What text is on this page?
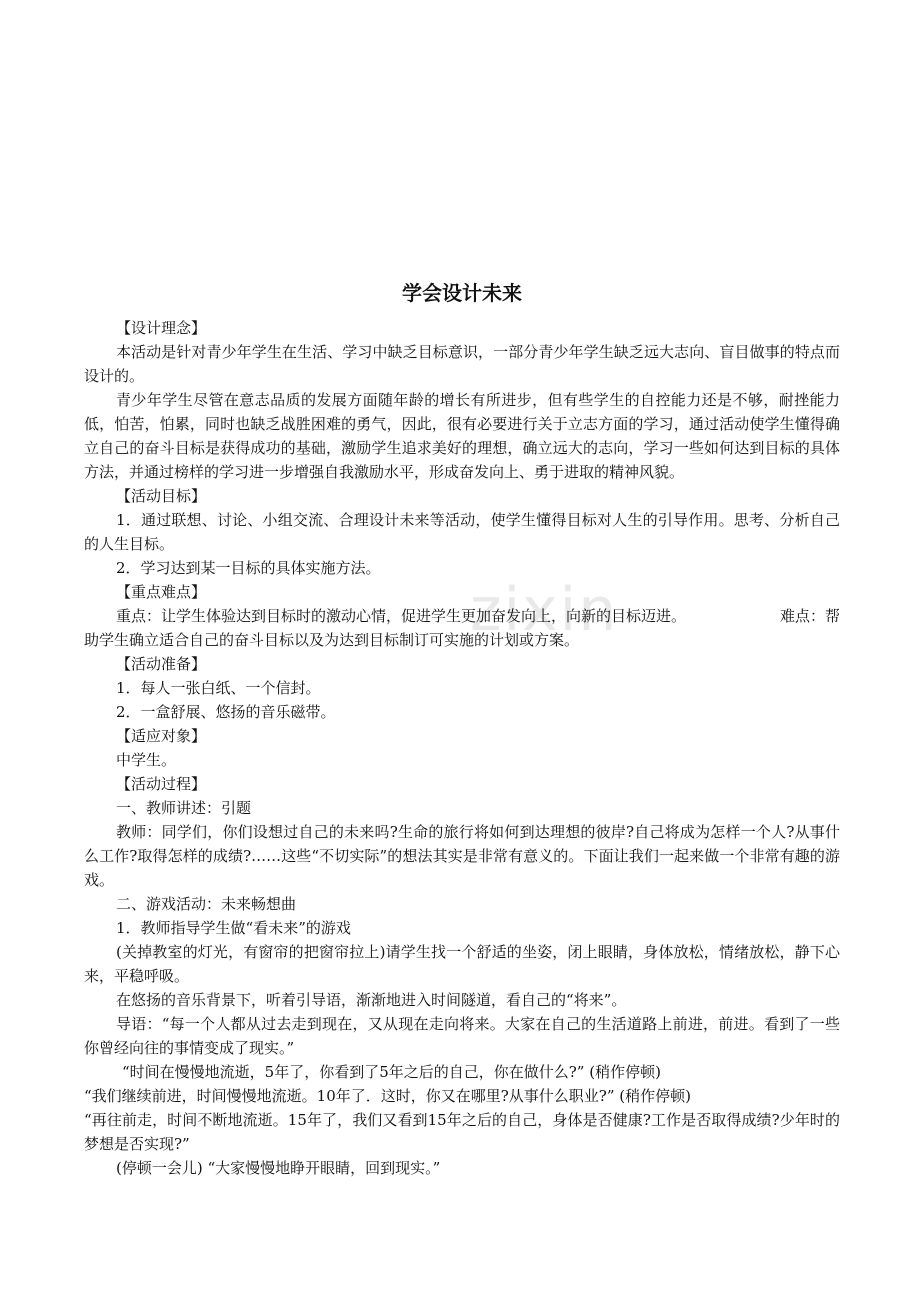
zixin
学会设计未来

【设计理念】

本活动是针对青少年学生在生活、学习中缺乏目标意识，一部分青少年学生缺乏远大志向、盲目做事的特点而设计的。

青少年学生尽管在意志品质的发展方面随年龄的增长有所进步，但有些学生的自控能力还是不够，耐挫能力低，怕苦，怕累，同时也缺乏战胜困难的勇气，因此，很有必要进行关于立志方面的学习，通过活动使学生懂得确立自己的奋斗目标是获得成功的基础，激励学生追求美好的理想，确立远大的志向，学习一些如何达到目标的具体方法，并通过榜样的学习进一步增强自我激励水平，形成奋发向上、勇于进取的精神风貌。

【活动目标】

1．通过联想、讨论、小组交流、合理设计未来等活动，使学生懂得目标对人生的引导作用。思考、分析自己的人生目标。

2．学习达到某一目标的具体实施方法。

【重点难点】

重点：让学生体验达到目标时的激动心情，促进学生更加奋发向上，向新的目标迈进。	难点：帮

助学生确立适合自己的奋斗目标以及为达到目标制订可实施的计划或方案。

【活动准备】

1．每人一张白纸、一个信封。

2．一盒舒展、悠扬的音乐磁带。

【适应对象】

中学生。

【活动过程】

一、教师讲述：引题

教师：同学们，你们设想过自己的未来吗?生命的旅行将如何到达理想的彼岸?自己将成为怎样一个人?从事什么工作?取得怎样的成绩?……这些“不切实际”的想法其实是非常有意义的。下面让我们一起来做一个非常有趣的游戏。

二、游戏活动：未来畅想曲

1．教师指导学生做“看未来”的游戏

(关掉教室的灯光，有窗帘的把窗帘拉上)请学生找一个舒适的坐姿，闭上眼睛，身体放松，情绪放松，静下心来，平稳呼吸。

在悠扬的音乐背景下，听着引导语，渐渐地进入时间隧道，看自己的“将来”。

导语：“每一个人都从过去走到现在，又从现在走向将来。大家在自己的生活道路上前进，前进。看到了一些你曾经向往的事情变成了现实。”

“时间在慢慢地流逝，5年了，你看到了5年之后的自己，你在做什么?” (稍作停顿)

“我们继续前进，时间慢慢地流逝。10年了．这时，你又在哪里?从事什么职业?” (稍作停顿)

“再往前走，时间不断地流逝。15年了，我们又看到15年之后的自己，身体是否健康?工作是否取得成绩?少年时的梦想是否实现?”

(停顿一会儿) “大家慢慢地睁开眼睛，回到现实。”
